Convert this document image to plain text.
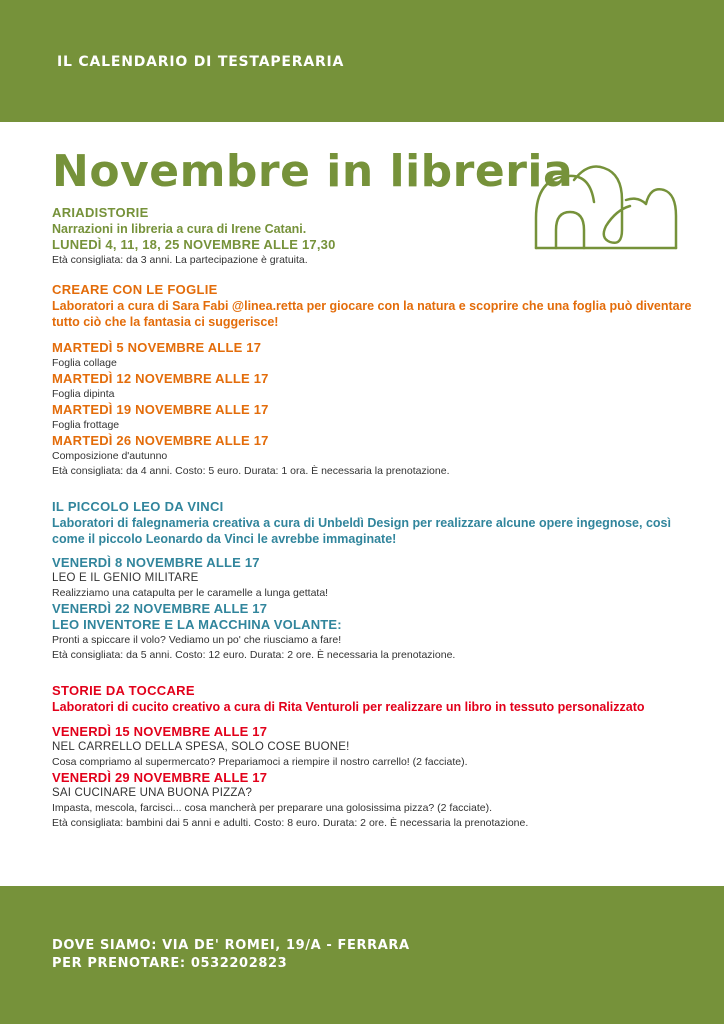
IL CALENDARIO DI TESTAPERARIA
Novembre in libreria
ARIADISTORIE
Narrazioni in libreria a cura di Irene Catani.
LUNEDÌ 4, 11, 18, 25 NOVEMBRE ALLE 17,30
Età consigliata: da 3 anni. La partecipazione è gratuita.
CREARE CON LE FOGLIE
Laboratori a cura di Sara Fabi @linea.retta per giocare con la natura e scoprire che una foglia può diventare tutto ciò che la fantasia ci suggerisce!
MARTEDÌ 5 NOVEMBRE ALLE 17
Foglia collage
MARTEDÌ 12 NOVEMBRE ALLE 17
Foglia dipinta
MARTEDÌ 19 NOVEMBRE ALLE 17
Foglia frottage
MARTEDÌ 26 NOVEMBRE ALLE 17
Composizione d'autunno
Età consigliata: da 4 anni. Costo: 5 euro. Durata: 1 ora. È necessaria la prenotazione.
IL PICCOLO LEO DA VINCI
Laboratori di falegnameria creativa a cura di Unbeldì Design per realizzare alcune opere ingegnose, così come il piccolo Leonardo da Vinci le avrebbe immaginate!
VENERDÌ 8 NOVEMBRE ALLE 17
LEO E IL GENIO MILITARE
Realizziamo una catapulta per le caramelle a lunga gettata!
VENERDÌ 22 NOVEMBRE ALLE 17
LEO INVENTORE E LA MACCHINA VOLANTE:
Pronti a spiccare il volo? Vediamo un po' che riusciamo a fare!
Età consigliata: da 5 anni. Costo: 12 euro. Durata: 2 ore. È necessaria la prenotazione.
STORIE DA TOCCARE
Laboratori di cucito creativo a cura di Rita Venturoli per realizzare un libro in tessuto personalizzato
VENERDÌ 15 NOVEMBRE ALLE 17
NEL CARRELLO DELLA SPESA, SOLO COSE BUONE!
Cosa compriamo al supermercato? Prepariamoci a riempire il nostro carrello! (2 facciate).
VENERDÌ 29 NOVEMBRE ALLE 17
SAI CUCINARE UNA BUONA PIZZA?
Impasta, mescola, farcisci... cosa mancherà per preparare una golosissima pizza? (2 facciate).
Età consigliata: bambini dai 5 anni e adulti. Costo: 8 euro. Durata: 2 ore. È necessaria la prenotazione.
DOVE SIAMO: VIA DE' ROMEI, 19/A - FERRARA
PER PRENOTARE: 0532202823
